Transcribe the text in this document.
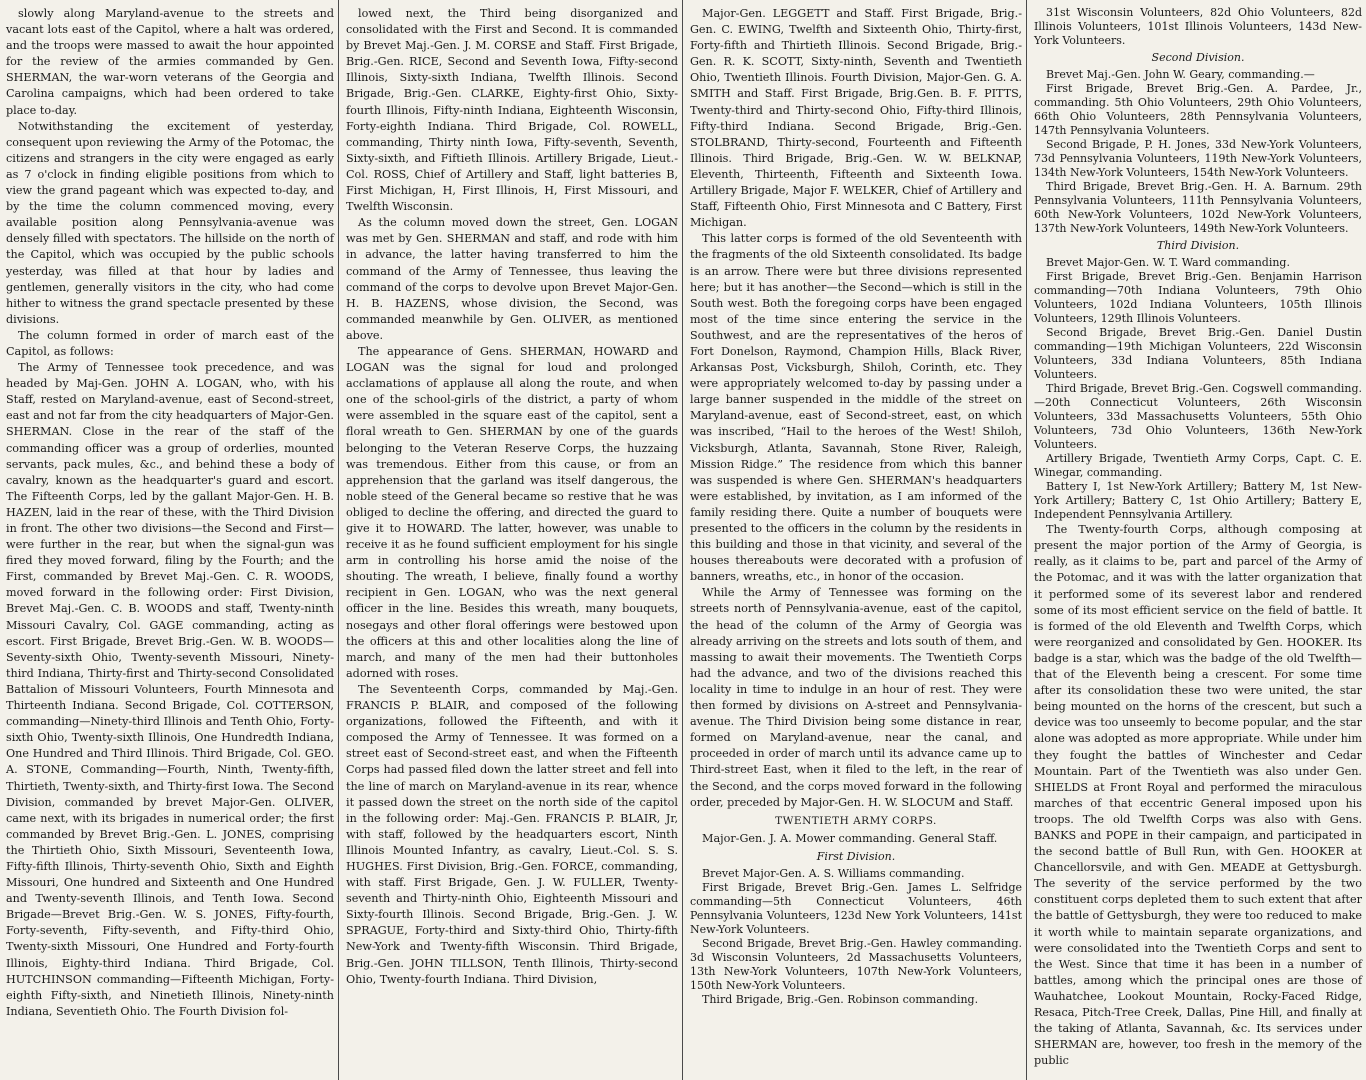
slowly along Maryland-avenue to the streets and vacant lots east of the Capitol, where a halt was ordered, and the troops were massed to await the hour appointed for the review of the armies commanded by Gen. SHERMAN, the war-worn veterans of the Georgia and Carolina campaigns, which had been ordered to take place to-day.

Notwithstanding the excitement of yesterday, consequent upon reviewing the Army of the Potomac, the citizens and strangers in the city were engaged as early as 7 o'clock in finding eligible positions from which to view the grand pageant which was expected to-day, and by the time the column commenced moving, every available position along Pennsylvania-avenue was densely filled with spectators. The hillside on the north of the Capitol, which was occupied by the public schools yesterday, was filled at that hour by ladies and gentlemen, generally visitors in the city, who had come hither to witness the grand spectacle presented by these divisions.

The column formed in order of march east of the Capitol, as follows:

The Army of Tennessee took precedence, and was headed by Maj-Gen. JOHN A. LOGAN, who, with his Staff, rested on Maryland-avenue, east of Second-street, east and not far from the city headquarters of Major-Gen. SHERMAN. Close in the rear of the staff of the commanding officer was a group of orderlies, mounted servants, pack mules, &c., and behind these a body of cavalry, known as the headquarter's guard and escort. The Fifteenth Corps, led by the gallant Major-Gen. H. B. HAZEN, laid in the rear of these, with the Third Division in front. The other two divisions—the Second and First—were further in the rear, but when the signal-gun was fired they moved forward, filing by the Fourth; and the First, commanded by Brevet Maj.-Gen. C. R. WOODS, moved forward in the following order: First Division, Brevet Maj.-Gen. C. B. WOODS and staff, Twenty-ninth Missouri Cavalry, Col. GAGE commanding, acting as escort. First Brigade, Brevet Brig.-Gen. W. B. WOODS—Seventy-sixth Ohio, Twenty-seventh Missouri, Ninety-third Indiana, Thirty-first and Thirty-second Consolidated Battalion of Missouri Volunteers, Fourth Minnesota and Thirteenth Indiana. Second Brigade, Col. COTTERSON, commanding—Ninety-third Illinois and Tenth Ohio, Forty-sixth Ohio, Twenty-sixth Illinois, One Hundredth Indiana, One Hundred and Third Illinois. Third Brigade, Col. GEO. A. STONE, Commanding—Fourth, Ninth, Twenty-fifth, Thirtieth, Twenty-sixth, and Thirty-first Iowa. The Second Division, commanded by brevet Major-Gen. OLIVER, came next, with its brigades in numerical order; the first commanded by Brevet Brig.-Gen. L. JONES, comprising the Thirtieth Ohio, Sixth Missouri, Seventeenth Iowa, Fifty-fifth Illinois, Thirty-seventh Ohio, Sixth and Eighth Missouri, One hundred and Sixteenth and One Hundred and Twenty-seventh Illinois, and Tenth Iowa. Second Brigade—Brevet Brig.-Gen. W. S. JONES, Fifty-fourth, Forty-seventh, Fifty-seventh, and Fifty-third Ohio, Twenty-sixth Missouri, One Hundred and Forty-fourth Illinois, Eighty-third Indiana. Third Brigade, Col. HUTCHINSON commanding—Fifteenth Michigan, Forty-eighth Fifty-sixth, and Ninetieth Illinois, Ninety-ninth Indiana, Seventieth Ohio. The Fourth Division fol-

lowed next, the Third being disorganized and consolidated with the First and Second. It is commanded by Brevet Maj.-Gen. J. M. CORSE and Staff. First Brigade, Brig.-Gen. RICE, Second and Seventh Iowa, Fifty-second Illinois, Sixty-sixth Indiana, Twelfth Illinois. Second Brigade, Brig.-Gen. CLARKE, Eighty-first Ohio, Sixty-fourth Illinois, Fifty-ninth Indiana, Eighteenth Wisconsin, Forty-eighth Indiana. Third Brigade, Col. ROWELL, commanding, Thirty ninth Iowa, Fifty-seventh, Seventh, Sixty-sixth, and Fiftieth Illinois. Artillery Brigade, Lieut.-Col. ROSS, Chief of Artillery and Staff, light batteries B, First Michigan, H, First Illinois, H, First Missouri, and Twelfth Wisconsin.

As the column moved down the street, Gen. LOGAN was met by Gen. SHERMAN and staff, and rode with him in advance, the latter having transferred to him the command of the Army of Tennessee, thus leaving the command of the corps to devolve upon Brevet Major-Gen. H. B. HAZENS, whose division, the Second, was commanded meanwhile by Gen. OLIVER, as mentioned above.

The appearance of Gens. SHERMAN, HOWARD and LOGAN was the signal for loud and prolonged acclamations of applause all along the route, and when one of the school-girls of the district, a party of whom were assembled in the square east of the capitol, sent a floral wreath to Gen. SHERMAN by one of the guards belonging to the Veteran Reserve Corps, the huzzaing was tremendous. Either from this cause, or from an apprehension that the garland was itself dangerous, the noble steed of the General became so restive that he was obliged to decline the offering, and directed the guard to give it to HOWARD. The latter, however, was unable to receive it as he found sufficient employment for his single arm in controlling his horse amid the noise of the shouting. The wreath, I believe, finally found a worthy recipient in Gen. LOGAN, who was the next general officer in the line. Besides this wreath, many bouquets, nosegays and other floral offerings were bestowed upon the officers at this and other localities along the line of march, and many of the men had their buttonholes adorned with roses.

The Seventeenth Corps, commanded by Maj.-Gen. FRANCIS P. BLAIR, and composed of the following organizations, followed the Fifteenth, and with it composed the Army of Tennessee. It was formed on a street east of Second-street east, and when the Fifteenth Corps had passed filed down the latter street and fell into the line of march on Maryland-avenue in its rear, whence it passed down the street on the north side of the capitol in the following order: Maj.-Gen. FRANCIS P. BLAIR, Jr, with staff, followed by the headquarters escort, Ninth Illinois Mounted Infantry, as cavalry, Lieut.-Col. S. S. HUGHES. First Division, Brig.-Gen. FORCE, commanding, with staff. First Brigade, Gen. J. W. FULLER, Twenty-seventh and Thirty-ninth Ohio, Eighteenth Missouri and Sixty-fourth Illinois. Second Brigade, Brig.-Gen. J. W. SPRAGUE, Forty-third and Sixty-third Ohio, Thirty-fifth New-York and Twenty-fifth Wisconsin. Third Brigade, Brig.-Gen. JOHN TILLSON, Tenth Illinois, Thirty-second Ohio, Twenty-fourth Indiana. Third Division,

Major-Gen. LEGGETT and Staff. First Brigade, Brig.-Gen. C. EWING, Twelfth and Sixteenth Ohio, Thirty-first, Forty-fifth and Thirtieth Illinois. Second Brigade, Brig.-Gen. R. K. SCOTT, Sixty-ninth, Seventh and Twentieth Ohio, Twentieth Illinois. Fourth Division, Major-Gen. G. A. SMITH and Staff. First Brigade, Brig.Gen. B. F. PITTS, Twenty-third and Thirty-second Ohio, Fifty-third Illinois, Fifty-third Indiana. Second Brigade, Brig.-Gen. STOLBRAND, Thirty-second, Fourteenth and Fifteenth Illinois. Third Brigade, Brig.-Gen. W. W. BELKNAP, Eleventh, Thirteenth, Fifteenth and Sixteenth Iowa. Artillery Brigade, Major F. WELKER, Chief of Artillery and Staff, Fifteenth Ohio, First Minnesota and C Battery, First Michigan.

This latter corps is formed of the old Seventeenth with the fragments of the old Sixteenth consolidated. Its badge is an arrow. There were but three divisions represented here; but it has another—the Second—which is still in the South west. Both the foregoing corps have been engaged most of the time since entering the service in the Southwest, and are the representatives of the heros of Fort Donelson, Raymond, Champion Hills, Black River, Arkansas Post, Vicksburgh, Shiloh, Corinth, etc. They were appropriately welcomed to-day by passing under a large banner suspended in the middle of the street on Maryland-avenue, east of Second-street, east, on which was inscribed, “Hail to the heroes of the West! Shiloh, Vicksburgh, Atlanta, Savannah, Stone River, Raleigh, Mission Ridge.” The residence from which this banner was suspended is where Gen. SHERMAN's headquarters were established, by invitation, as I am informed of the family residing there. Quite a number of bouquets were presented to the officers in the column by the residents in this building and those in that vicinity, and several of the houses thereabouts were decorated with a profusion of banners, wreaths, etc., in honor of the occasion.

While the Army of Tennessee was forming on the streets north of Pennsylvania-avenue, east of the capitol, the head of the column of the Army of Georgia was already arriving on the streets and lots south of them, and massing to await their movements. The Twentieth Corps had the advance, and two of the divisions reached this locality in time to indulge in an hour of rest. They were then formed by divisions on A-street and Pennsylvania-avenue. The Third Division being some distance in rear, formed on Maryland-avenue, near the canal, and proceeded in order of march until its advance came up to Third-street East, when it filed to the left, in the rear of the Second, and the corps moved forward in the following order, preceded by Major-Gen. H. W. SLOCUM and Staff.

TWENTIETH ARMY CORPS.

Major-Gen. J. A. Mower commanding. General Staff.

First Division.

Brevet Major-Gen. A. S. Williams commanding.

First Brigade, Brevet Brig.-Gen. James L. Selfridge commanding—5th Connecticut Volunteers, 46th Pennsylvania Volunteers, 123d New York Volunteers, 141st New-York Volunteers.

Second Brigade, Brevet Brig.-Gen. Hawley commanding. 3d Wisconsin Volunteers, 2d Massachusetts Volunteers, 13th New-York Volunteers, 107th New-York Volunteers, 150th New-York Volunteers.

Third Brigade, Brig.-Gen. Robinson commanding.

31st Wisconsin Volunteers, 82d Ohio Volunteers, 82d Illinois Volunteers, 101st Illinois Volunteers, 143d New-York Volunteers.

Second Division.

Brevet Maj.-Gen. John W. Geary, commanding.—

First Brigade, Brevet Brig.-Gen. A. Pardee, Jr., commanding. 5th Ohio Volunteers, 29th Ohio Volunteers, 66th Ohio Volunteers, 28th Pennsylvania Volunteers, 147th Pennsylvania Volunteers.

Second Brigade, P. H. Jones, 33d New-York Volunteers, 73d Pennsylvania Volunteers, 119th New-York Volunteers, 134th New-York Volunteers, 154th New-York Volunteers.

Third Brigade, Brevet Brig.-Gen. H. A. Barnum. 29th Pennsylvania Volunteers, 111th Pennsylvania Volunteers, 60th New-York Volunteers, 102d New-York Volunteers, 137th New-York Volunteers, 149th New-York Volunteers.

Third Division.

Brevet Major-Gen. W. T. Ward commanding.

First Brigade, Brevet Brig.-Gen. Benjamin Harrison commanding—70th Indiana Volunteers, 79th Ohio Volunteers, 102d Indiana Volunteers, 105th Illinois Volunteers, 129th Illinois Volunteers.

Second Brigade, Brevet Brig.-Gen. Daniel Dustin commanding—19th Michigan Volunteers, 22d Wisconsin Volunteers, 33d Indiana Volunteers, 85th Indiana Volunteers.

Third Brigade, Brevet Brig.-Gen. Cogswell commanding.—20th Connecticut Volunteers, 26th Wisconsin Volunteers, 33d Massachusetts Volunteers, 55th Ohio Volunteers, 73d Ohio Volunteers, 136th New-York Volunteers.

Artillery Brigade, Twentieth Army Corps, Capt. C. E. Winegar, commanding.

Battery I, 1st New-York Artillery; Battery M, 1st New-York Artillery; Battery C, 1st Ohio Artillery; Battery E, Independent Pennsylvania Artillery.

The Twenty-fourth Corps, although composing at present the major portion of the Army of Georgia, is really, as it claims to be, part and parcel of the Army of the Potomac, and it was with the latter organization that it performed some of its severest labor and rendered some of its most efficient service on the field of battle. It is formed of the old Eleventh and Twelfth Corps, which were reorganized and consolidated by Gen. HOOKER. Its badge is a star, which was the badge of the old Twelfth—that of the Eleventh being a crescent. For some time after its consolidation these two were united, the star being mounted on the horns of the crescent, but such a device was too unseemly to become popular, and the star alone was adopted as more appropriate. While under him they fought the battles of Winchester and Cedar Mountain. Part of the Twentieth was also under Gen. SHIELDS at Front Royal and performed the miraculous marches of that eccentric General imposed upon his troops. The old Twelfth Corps was also with Gens. BANKS and POPE in their campaign, and participated in the second battle of Bull Run, with Gen. HOOKER at Chancellorsvile, and with Gen. MEADE at Gettysburgh. The severity of the service performed by the two constituent corps depleted them to such extent that after the battle of Gettysburgh, they were too reduced to make it worth while to maintain separate organizations, and were consolidated into the Twentieth Corps and sent to the West. Since that time it has been in a number of battles, among which the principal ones are those of Wauhatchee, Lookout Mountain, Rocky-Faced Ridge, Resaca, Pitch-Tree Creek, Dallas, Pine Hill, and finally at the taking of Atlanta, Savannah, &c. Its services under SHERMAN are, however, too fresh in the memory of the public
